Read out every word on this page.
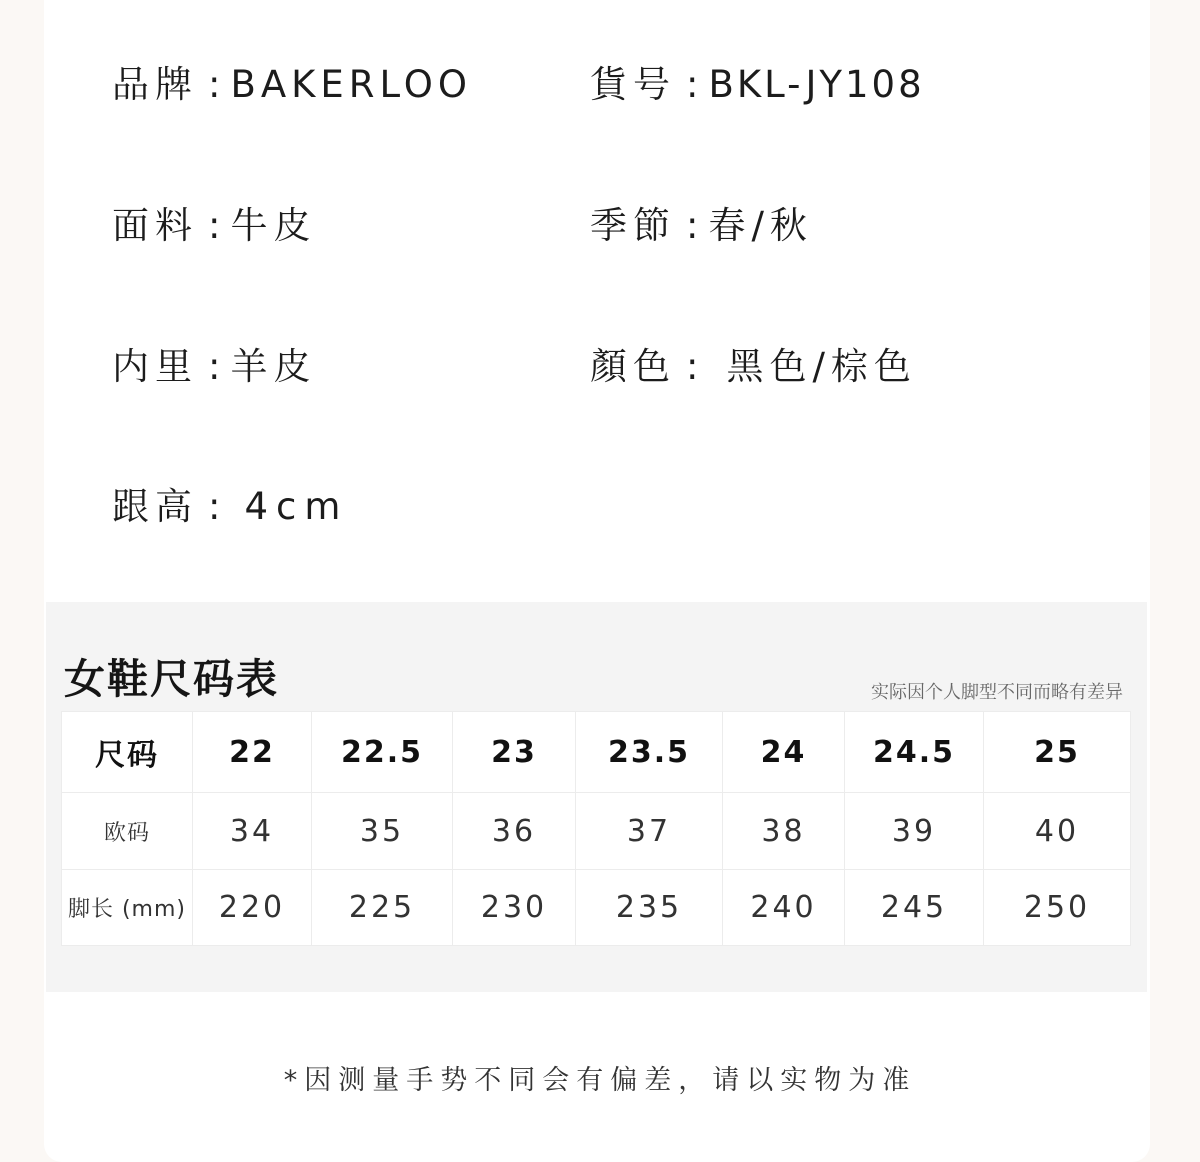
品牌 : BAKERLOO	貨号 : BKL-JY108
面料 : 牛皮	季節 : 春/秋
内里 : 羊皮	顏色 : 黑色/棕色
跟高 : 4cm
女鞋尺码表	实际因个人脚型不同而略有差异
尺码	22	22.5	23	23.5	24	24.5	25
欧码	34	35	36	37	38	39	40
脚长 (mm)	220	225	230	235	240	245	250
*因测量手势不同会有偏差，请以实物为准
